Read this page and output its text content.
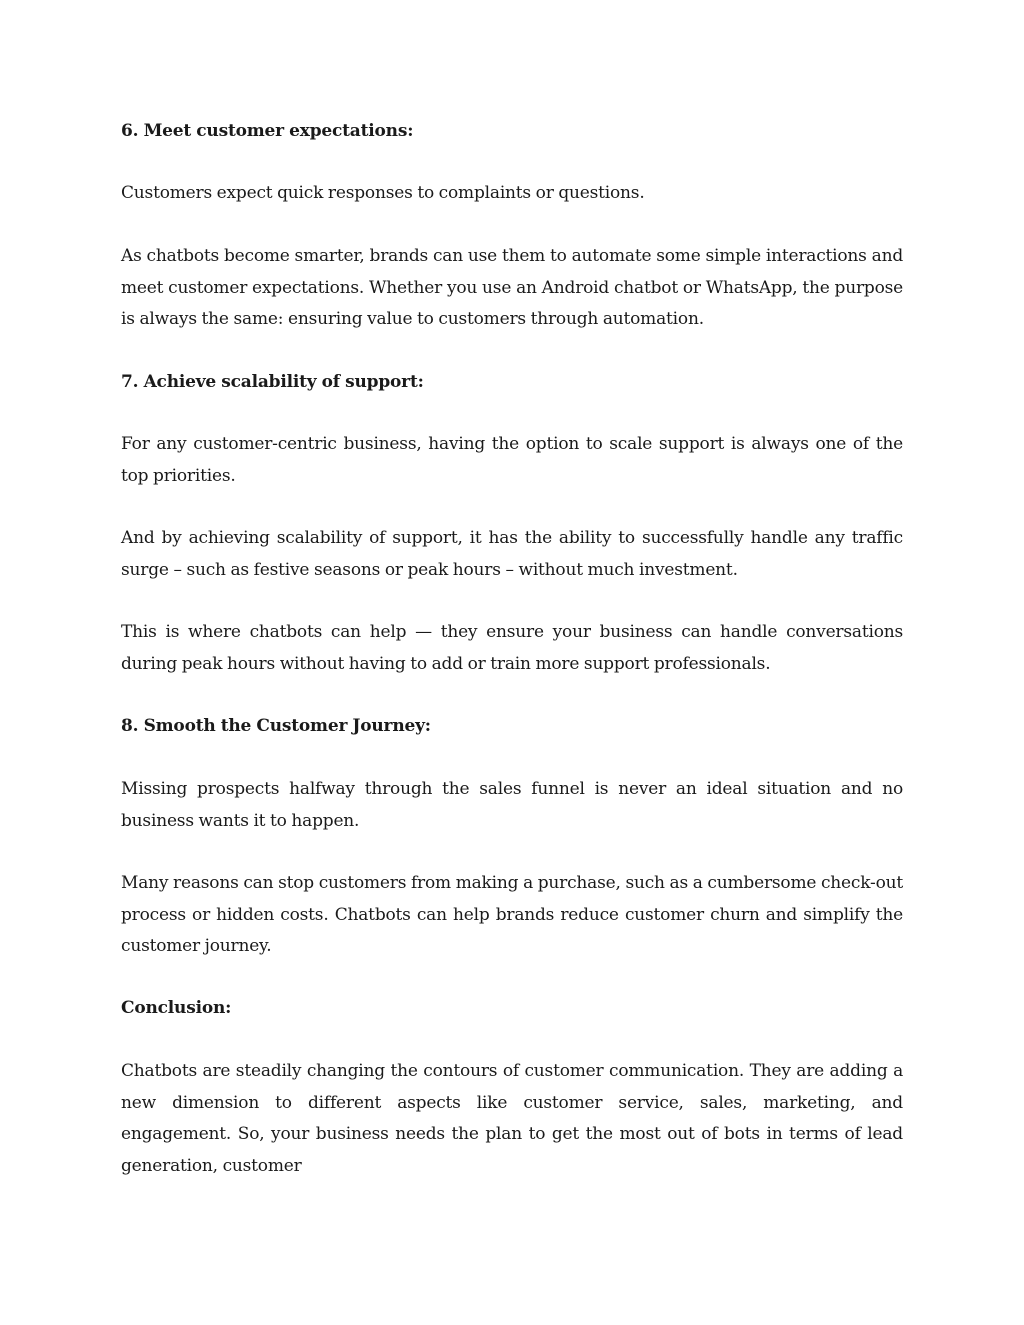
6. Meet customer expectations:

Customers expect quick responses to complaints or questions.

As chatbots become smarter, brands can use them to automate some simple interactions and meet customer expectations. Whether you use an Android chatbot or WhatsApp, the purpose is always the same: ensuring value to customers through automation.

7. Achieve scalability of support:

For any customer-centric business, having the option to scale support is always one of the top priorities.

And by achieving scalability of support, it has the ability to successfully handle any traffic surge – such as festive seasons or peak hours – without much investment.

This is where chatbots can help — they ensure your business can handle conversations during peak hours without having to add or train more support professionals.

8. Smooth the Customer Journey:

Missing prospects halfway through the sales funnel is never an ideal situation and no business wants it to happen.

Many reasons can stop customers from making a purchase, such as a cumbersome check-out process or hidden costs. Chatbots can help brands reduce customer churn and simplify the customer journey.

Conclusion:

Chatbots are steadily changing the contours of customer communication. They are adding a new dimension to different aspects like customer service, sales, marketing, and engagement. So, your business needs the plan to get the most out of bots in terms of lead generation, customer
